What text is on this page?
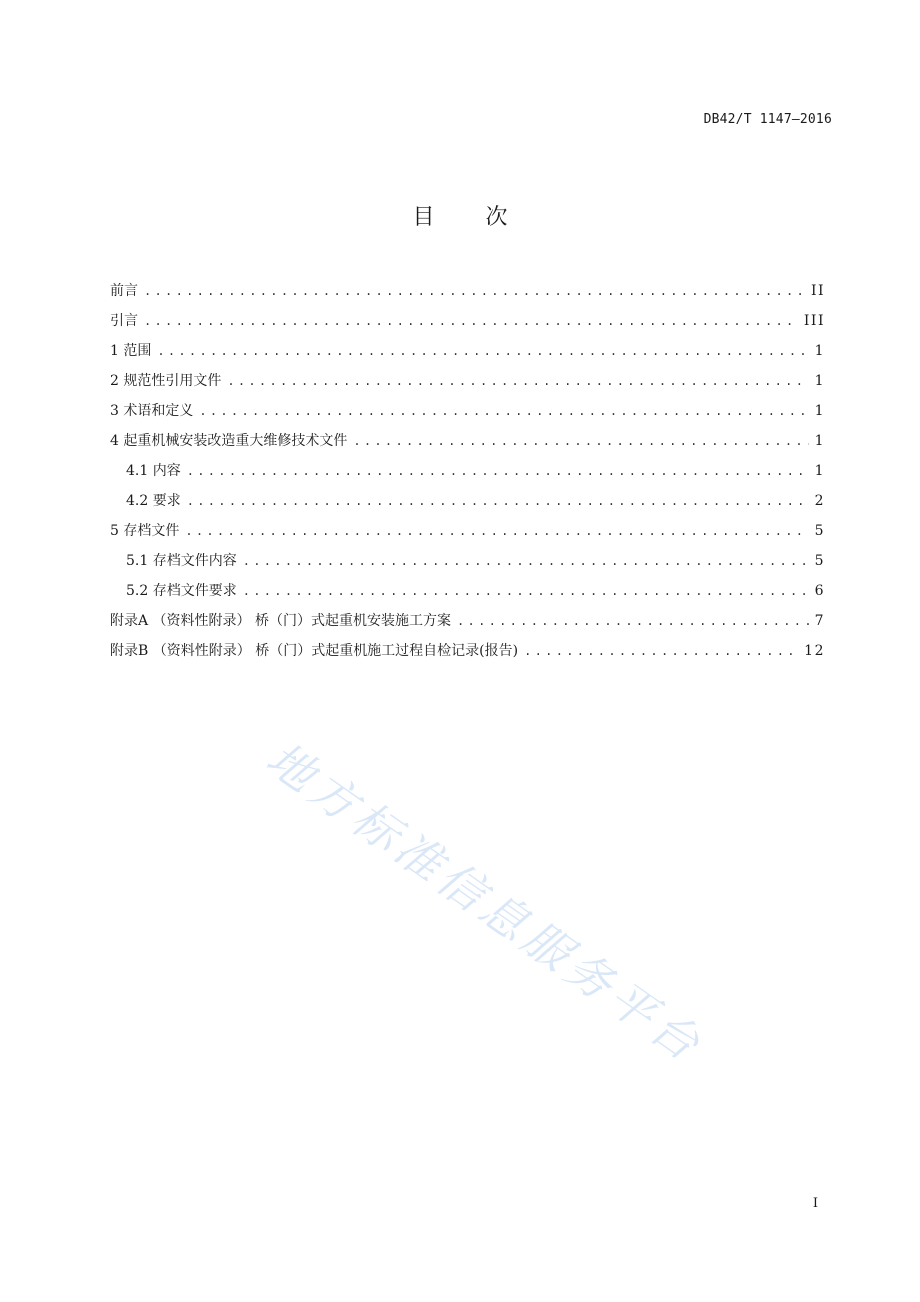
DB42/T 1147—2016
目 次
前言 .....	II
引言 .....	III
1 范围 .....	1
2 规范性引用文件 .....	1
3 术语和定义 .....	1
4 起重机械安装改造重大维修技术文件 .....	1
4.1 内容 .....	1
4.2 要求 .....	2
5 存档文件 .....	5
5.1 存档文件内容 .....	5
5.2 存档文件要求 .....	6
附录A （资料性附录） 桥（门）式起重机安装施工方案 .....	7
附录B （资料性附录） 桥（门）式起重机施工过程自检记录(报告) .....	12
地方标准信息服务平台
I
